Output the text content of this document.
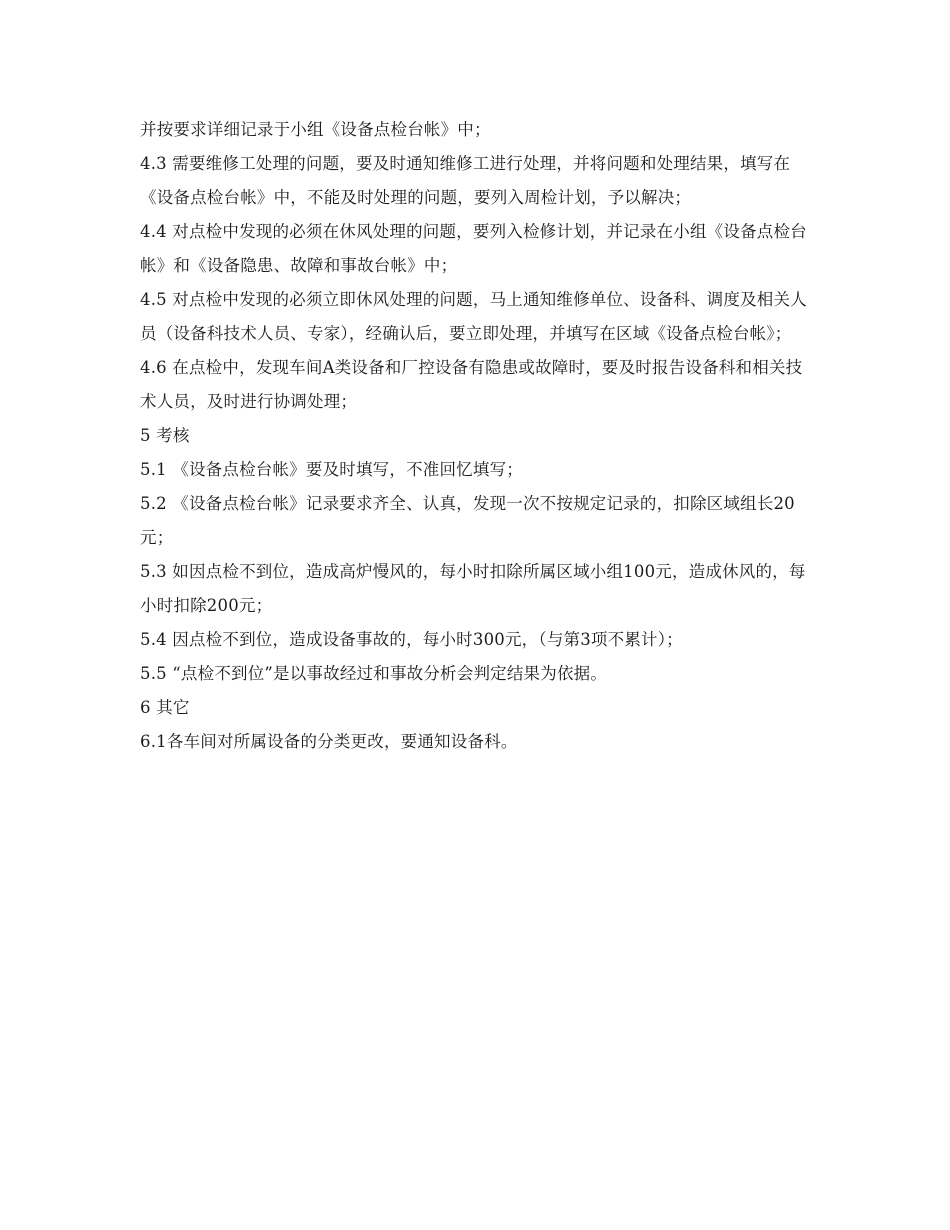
并按要求详细记录于小组《设备点检台帐》中；

4.3 需要维修工处理的问题，要及时通知维修工进行处理，并将问题和处理结果，填写在《设备点检台帐》中，不能及时处理的问题，要列入周检计划，予以解决；

4.4 对点检中发现的必须在休风处理的问题，要列入检修计划，并记录在小组《设备点检台帐》和《设备隐患、故障和事故台帐》中；

4.5 对点检中发现的必须立即休风处理的问题，马上通知维修单位、设备科、调度及相关人员（设备科技术人员、专家），经确认后，要立即处理，并填写在区域《设备点检台帐》；

4.6 在点检中，发现车间A类设备和厂控设备有隐患或故障时，要及时报告设备科和相关技术人员，及时进行协调处理；

5 考核

5.1 《设备点检台帐》要及时填写，不准回忆填写；

5.2 《设备点检台帐》记录要求齐全、认真，发现一次不按规定记录的，扣除区域组长20元；

5.3 如因点检不到位，造成高炉慢风的，每小时扣除所属区域小组100元，造成休风的，每小时扣除200元；

5.4 因点检不到位，造成设备事故的，每小时300元，（与第3项不累计）；

5.5 “点检不到位”是以事故经过和事故分析会判定结果为依据。

6 其它

6.1各车间对所属设备的分类更改，要通知设备科。
